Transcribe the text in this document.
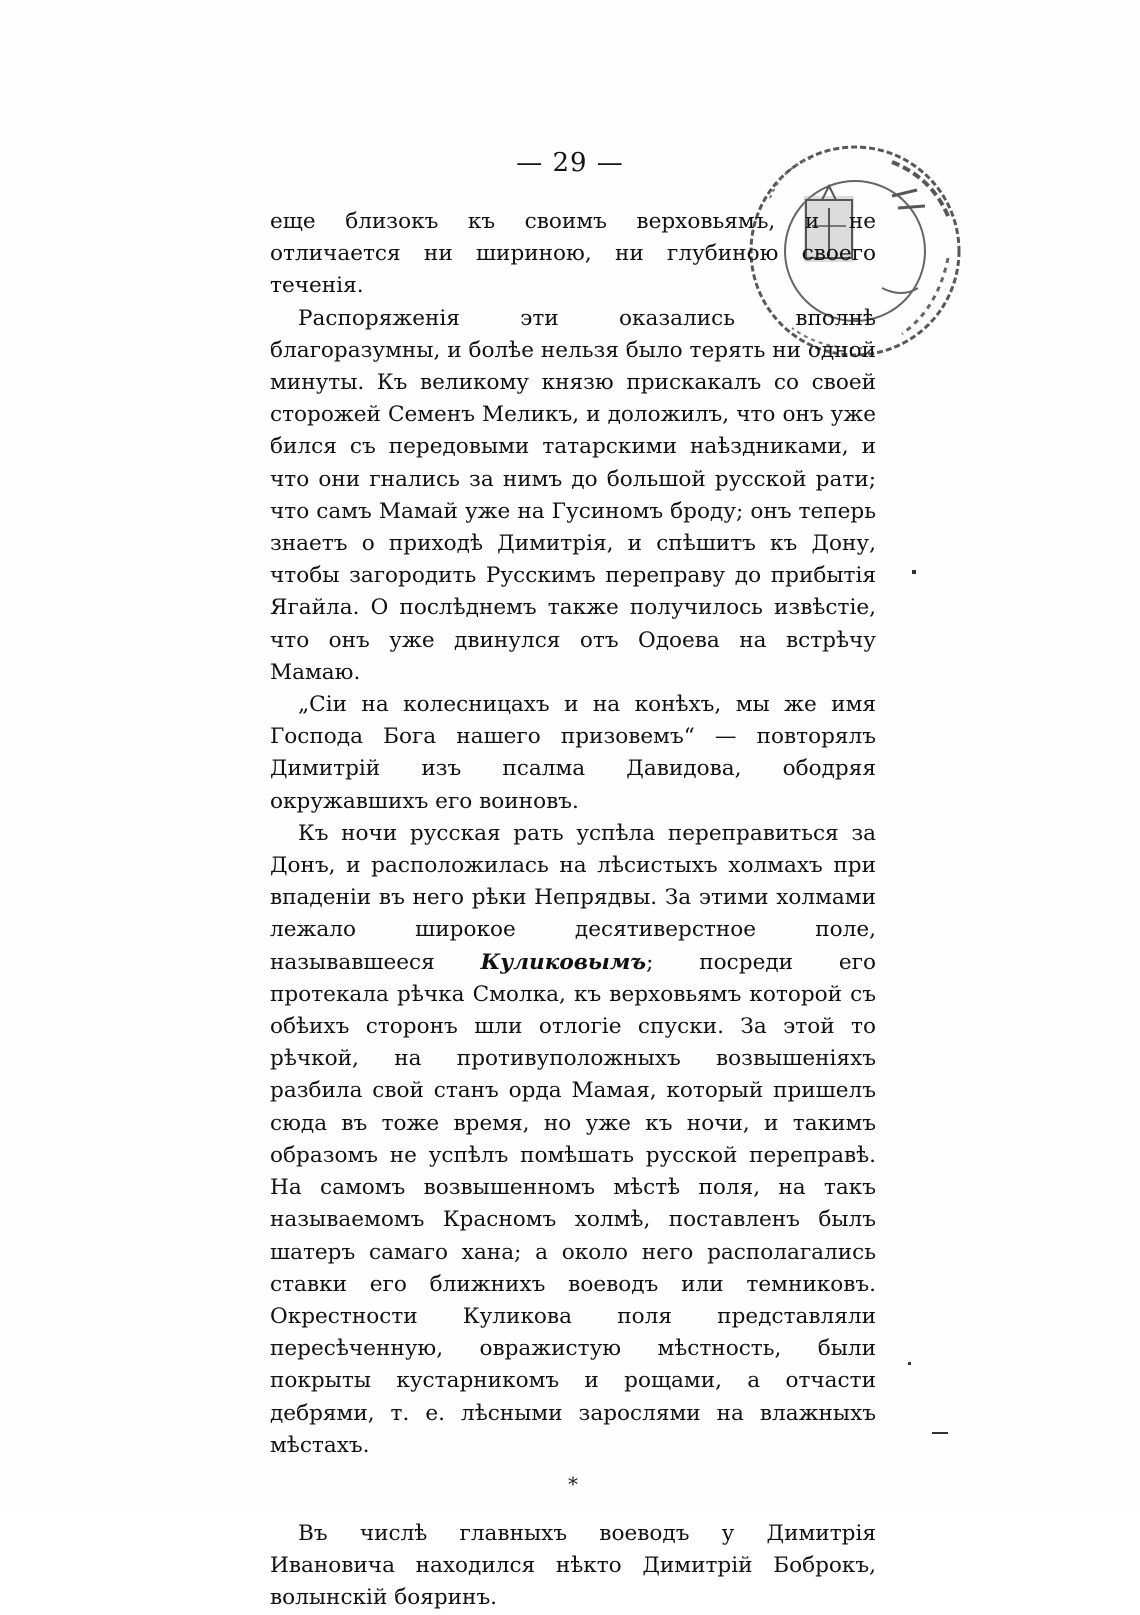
— 29 —

еще близокъ къ своимъ верховьямъ, и не отличается ни шириною, ни глубиною своего теченія.

Распоряженія эти оказались вполнѣ благоразумны, и болѣе нельзя было терять ни одной минуты. Къ великому князю прискакалъ со своей сторожей Семенъ Меликъ, и доложилъ, что онъ уже бился съ передовыми татарскими наѣздниками, и что они гнались за нимъ до большой русской рати; что самъ Мамай уже на Гусиномъ броду; онъ теперь знаетъ о приходѣ Димитрія, и спѣшитъ къ Дону, чтобы загородить Русскимъ переправу до прибытія Ягайла. О послѣднемъ также получилось извѣстіе, что онъ уже двинулся отъ Одоева на встрѣчу Мамаю.

„Сіи на колесницахъ и на конѣхъ, мы же имя Господа Бога нашего призовемъ“ — повторялъ Димитрій изъ псалма Давидова, ободряя окружавшихъ его воиновъ.

Къ ночи русская рать успѣла переправиться за Донъ, и расположилась на лѣсистыхъ холмахъ при впаденіи въ него рѣки Непрядвы. За этими холмами лежало широкое десятиверстное поле, называвшееся Куликовымъ; посреди его протекала рѣчка Смолка, къ верховьямъ которой съ обѣихъ сторонъ шли отлогіе спуски. За этой то рѣчкой, на противуположныхъ возвышеніяхъ разбила свой станъ орда Мамая, который пришелъ сюда въ тоже время, но уже къ ночи, и такимъ образомъ не успѣлъ помѣшать русской переправѣ. На самомъ возвышенномъ мѣстѣ поля, на такъ называемомъ Красномъ холмѣ, поставленъ былъ шатеръ самаго хана; а около него располагались ставки его ближнихъ воеводъ или темниковъ. Окрестности Куликова поля представляли пересѣченную, овражистую мѣстность, были покрыты кустарникомъ и рощами, а отчасти дебрями, т. е. лѣсными зарослями на влажныхъ мѣстахъ.

*

Въ числѣ главныхъ воеводъ у Димитрія Ивановича находился нѣкто Димитрій Боброкъ, волынскій бояринъ.
